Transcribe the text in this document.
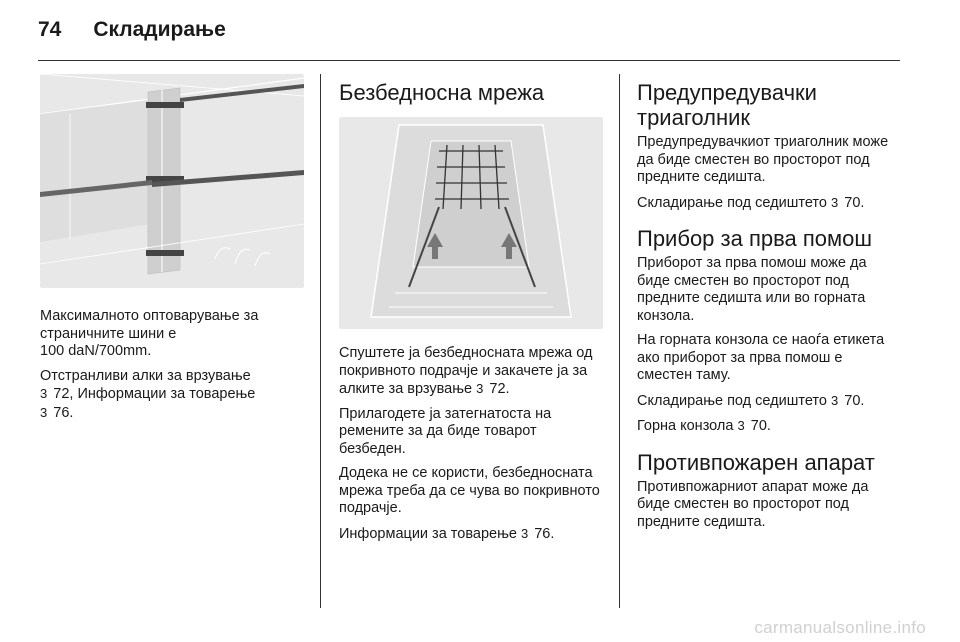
74 Складирање

Максималното оптоварување за страничните шини е

100 daN/700mm.

Отстранливи алки за врзување
3 72, Информации за товарење
3 76.

Безбедносна мрежа

Спуштете ја безбедносната мрежа од покривното подрачје и закачете ја за алките за врзување 3 72.

Прилагодете ја затегнатоста на ремените за да биде товарот безбеден.

Додека не се користи, безбедносната мрежа треба да се чува во покривното подрачје.

Информации за товарење 3 76.

Предупредувачки триаголник

Предупредувачкиот триаголник може да биде сместен во просторот под предните седишта.

Складирање под седиштето 3 70.

Прибор за прва помош

Приборот за прва помош може да биде сместен во просторот под предните седишта или во горната конзола.

На горната конзола се наоѓа етикета ако приборот за прва помош е сместен таму.

Складирање под седиштето 3 70.

Горна конзола 3 70.

Противпожарен апарат

Противпожарниот апарат може да биде сместен во просторот под предните седишта.

carmanualsonline.info
